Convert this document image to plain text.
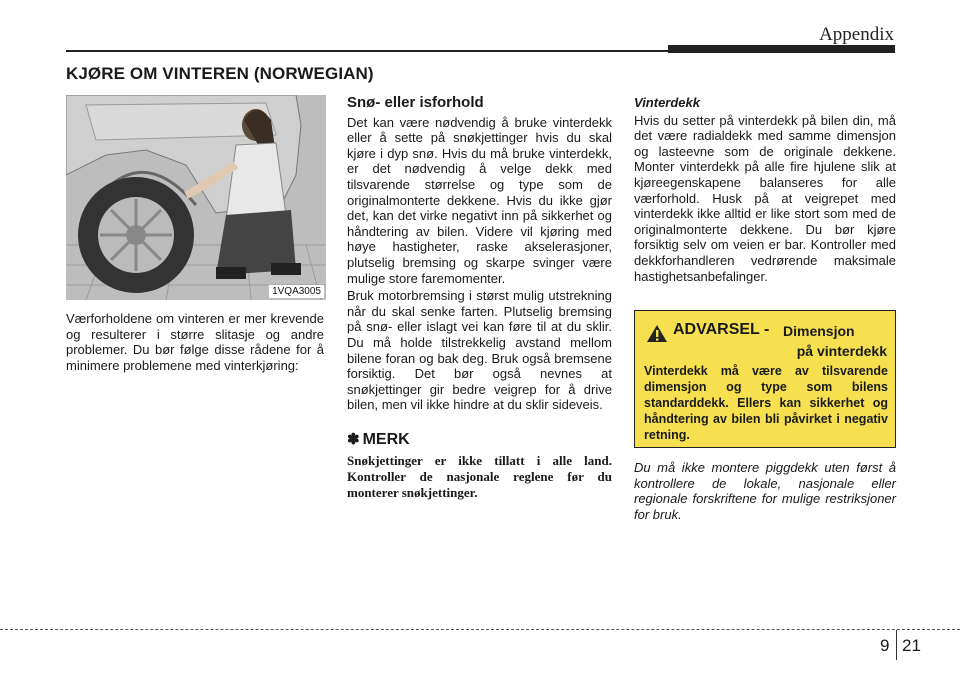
Appendix
KJØRE OM VINTEREN (NORWEGIAN)
1VQA3005

Værforholdene om vinteren er mer krevende og resulterer i større slitasje og andre problemer. Du bør følge disse rådene for å minimere problemene med vinterkjøring:

Snø- eller isforhold

Det kan være nødvendig å bruke vinterdekk eller å sette på snøkjettinger hvis du skal kjøre i dyp snø. Hvis du må bruke vinterdekk, er det nødvendig å velge dekk med tilsvarende størrelse og type som de originalmonterte dekkene. Hvis du ikke gjør det, kan det virke negativt inn på sikkerhet og håndtering av bilen. Videre vil kjøring med høye hastigheter, raske akselerasjoner, plutselig bremsing og skarpe svinger være mulige store faremomenter.

Bruk motorbremsing i størst mulig utstrekning når du skal senke farten. Plutselig bremsing på snø- eller islagt vei kan føre til at du sklir. Du må holde tilstrekkelig avstand mellom bilene foran og bak deg. Bruk også bremsene forsiktig. Det bør også nevnes at snøkjettinger gir bedre veigrep for å drive bilen, men vil ikke hindre at du sklir sideveis.

✽ MERK
Snøkjettinger er ikke tillatt i alle land. Kontroller de nasjonale reglene før du monterer snøkjettinger.
Vinterdekk

Hvis du setter på vinterdekk på bilen din, må det være radialdekk med samme dimensjon og lasteevne som de originale dekkene. Monter vinterdekk på alle fire hjulene slik at kjøreegenskapene balanseres for alle værforhold. Husk på at veigrepet med vinterdekk ikke alltid er like stort som med de originalmonterte dekkene. Du bør kjøre forsiktig selv om veien er bar. Kontroller med dekkforhandleren vedrørende maksimale hastighetsanbefalinger.

ADVARSEL - Dimensjon
på vinterdekk
Vinterdekk må være av tilsvarende dimensjon og type som bilens standarddekk. Ellers kan sikkerhet og håndtering av bilen bli påvirket i negativ retning.
Du må ikke montere piggdekk uten først å kontrollere de lokale, nasjonale eller regionale forskriftene for mulige restriksjoner for bruk.
9 21
